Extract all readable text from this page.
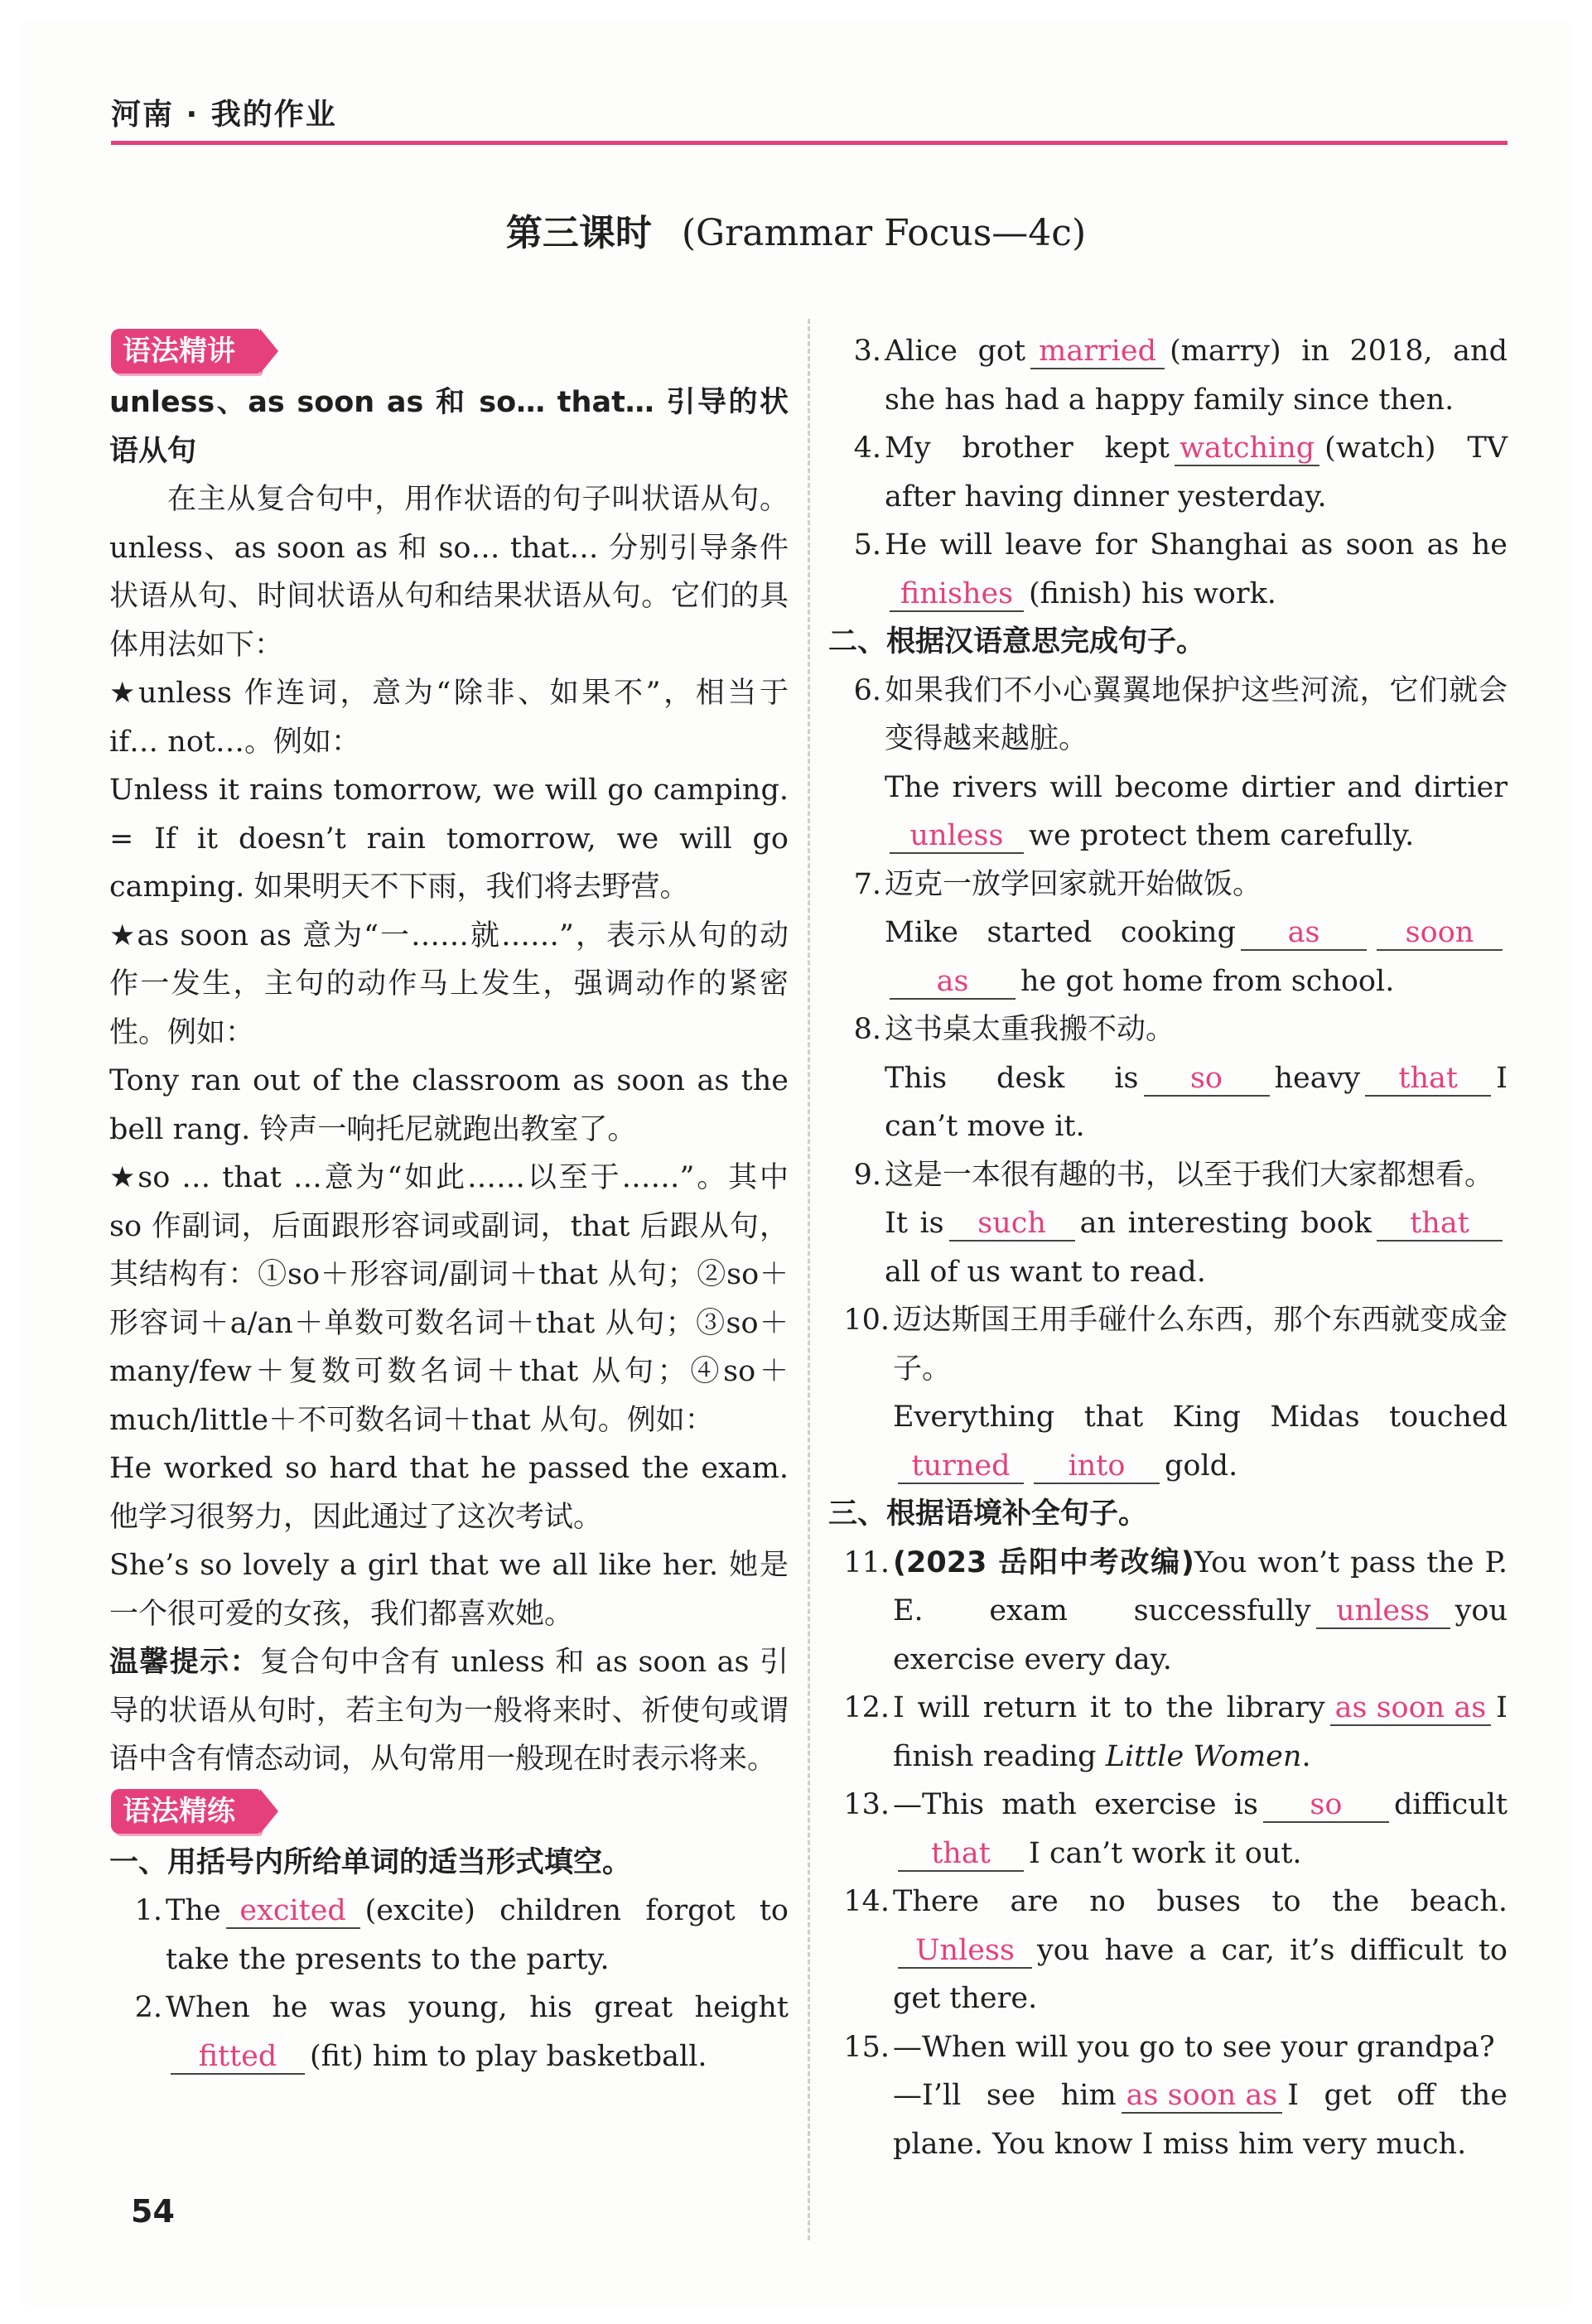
河南 · 我的作业
第三课时 (Grammar Focus—4c)
语法精讲

unless、as soon as 和 so… that… 引导的状语从句

在主从复合句中，用作状语的句子叫状语从句。unless、as soon as 和 so… that… 分别引导条件状语从句、时间状语从句和结果状语从句。它们的具体用法如下：

★ unless 作连词，意为“除非、如果不”，相当于 if… not…。例如：

Unless it rains tomorrow, we will go camping. = If it doesn’t rain tomorrow, we will go camping. 如果明天不下雨，我们将去野营。

★ as soon as 意为“一……就……”，表示从句的动作一发生，主句的动作马上发生，强调动作的紧密性。例如：

Tony ran out of the classroom as soon as the bell rang. 铃声一响托尼就跑出教室了。

★ so … that …意为“如此……以至于……”。其中 so 作副词，后面跟形容词或副词，that 后跟从句，其结构有：①so＋形容词/副词＋that 从句；②so＋形容词＋a/an＋单数可数名词＋that 从句；③so＋ many/few＋复数可数名词＋that 从句；④so＋much/little＋不可数名词＋that 从句。例如：

He worked so hard that he passed the exam. 他学习很努力，因此通过了这次考试。

She’s so lovely a girl that we all like her. 她是一个很可爱的女孩，我们都喜欢她。

温馨提示：复合句中含有 unless 和 as soon as 引导的状语从句时，若主句为一般将来时、祈使句或谓语中含有情态动词，从句常用一般现在时表示将来。

语法精练

一、用括号内所给单词的适当形式填空。

1. The excited (excite) children forgot to take the presents to the party.
2. When he was young, his great heightfitted (fit) him to play basketball.
3. Alice got married (marry) in 2018, and she has had a happy family since then.
4. My brother kept watching (watch) TV after having dinner yesterday.
5. He will leave for Shanghai as soon as he finishes (finish) his work.

二、根据汉语意思完成句子。

6. 如果我们不小心翼翼地保护这些河流，它们就会变得越来越脏。
The rivers will become dirtier and dirtier unless we protect them carefully.
7. 迈克一放学回家就开始做饭。
Mike started cooking as	soon as he got home from school.
8. 这书桌太重我搬不动。
This desk is so heavy that I can’t move it.
9. 这是一本很有趣的书，以至于我们大家都想看。
It is such an interesting book that all of us want to read.
10. 迈达斯国王用手碰什么东西，那个东西就变成金子。
Everything that King Midas touched turned into gold.

三、根据语境补全句子。

11. (2023 岳阳中考改编)You won’t pass the P. E. exam successfully unless you exercise every day.
12. I will return it to the library as soon as I finish reading Little Women.
13. —This math exercise is so difficult that I can’t work it out.
14. There are no buses to the beach. Unless you have a car, it’s difficult to get there.
15. —When will you go to see your grandpa?
—I’ll see him as soon as I get off the plane. You know I miss him very much.
54
